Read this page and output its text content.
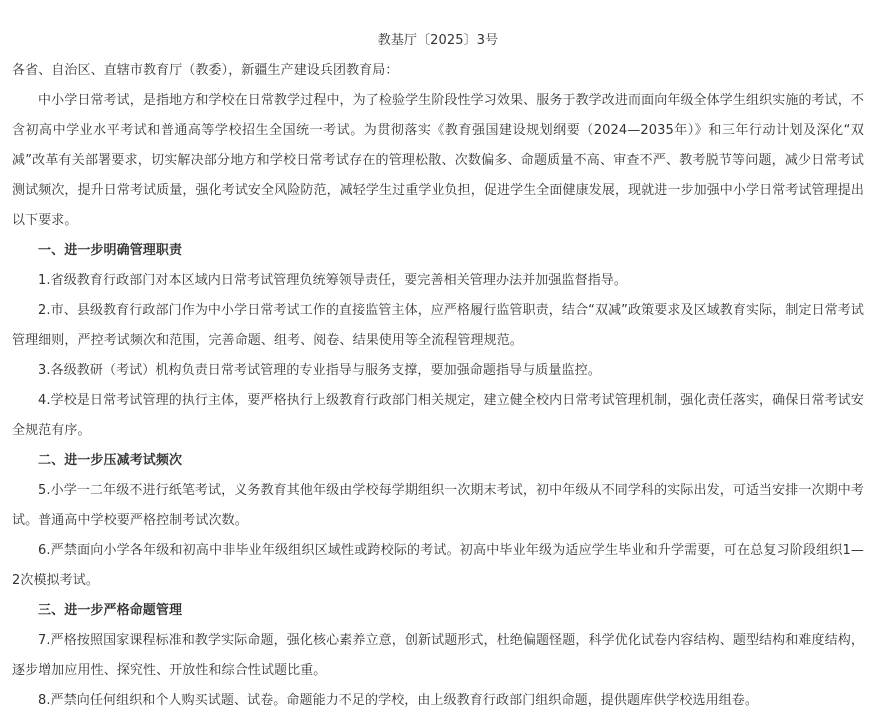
教基厅〔2025〕3号

各省、自治区、直辖市教育厅（教委），新疆生产建设兵团教育局：

中小学日常考试，是指地方和学校在日常教学过程中，为了检验学生阶段性学习效果、服务于教学改进而面向年级全体学生组织实施的考试，不含初高中学业水平考试和普通高等学校招生全国统一考试。为贯彻落实《教育强国建设规划纲要（2024—2035年）》和三年行动计划及深化“双减”改革有关部署要求，切实解决部分地方和学校日常考试存在的管理松散、次数偏多、命题质量不高、审查不严、教考脱节等问题，减少日常考试测试频次，提升日常考试质量，强化考试安全风险防范，减轻学生过重学业负担，促进学生全面健康发展，现就进一步加强中小学日常考试管理提出以下要求。

一、进一步明确管理职责

1.省级教育行政部门对本区域内日常考试管理负统筹领导责任，要完善相关管理办法并加强监督指导。

2.市、县级教育行政部门作为中小学日常考试工作的直接监管主体，应严格履行监管职责，结合“双减”政策要求及区域教育实际，制定日常考试管理细则，严控考试频次和范围，完善命题、组考、阅卷、结果使用等全流程管理规范。

3.各级教研（考试）机构负责日常考试管理的专业指导与服务支撑，要加强命题指导与质量监控。

4.学校是日常考试管理的执行主体，要严格执行上级教育行政部门相关规定，建立健全校内日常考试管理机制，强化责任落实，确保日常考试安全规范有序。

二、进一步压减考试频次

5.小学一二年级不进行纸笔考试，义务教育其他年级由学校每学期组织一次期末考试，初中年级从不同学科的实际出发，可适当安排一次期中考试。普通高中学校要严格控制考试次数。

6.严禁面向小学各年级和初高中非毕业年级组织区域性或跨校际的考试。初高中毕业年级为适应学生毕业和升学需要，可在总复习阶段组织1—2次模拟考试。

三、进一步严格命题管理

7.严格按照国家课程标准和教学实际命题，强化核心素养立意，创新试题形式，杜绝偏题怪题，科学优化试卷内容结构、题型结构和难度结构，逐步增加应用性、探究性、开放性和综合性试题比重。

8.严禁向任何组织和个人购买试题、试卷。命题能力不足的学校，由上级教育行政部门组织命题，提供题库供学校选用组卷。
